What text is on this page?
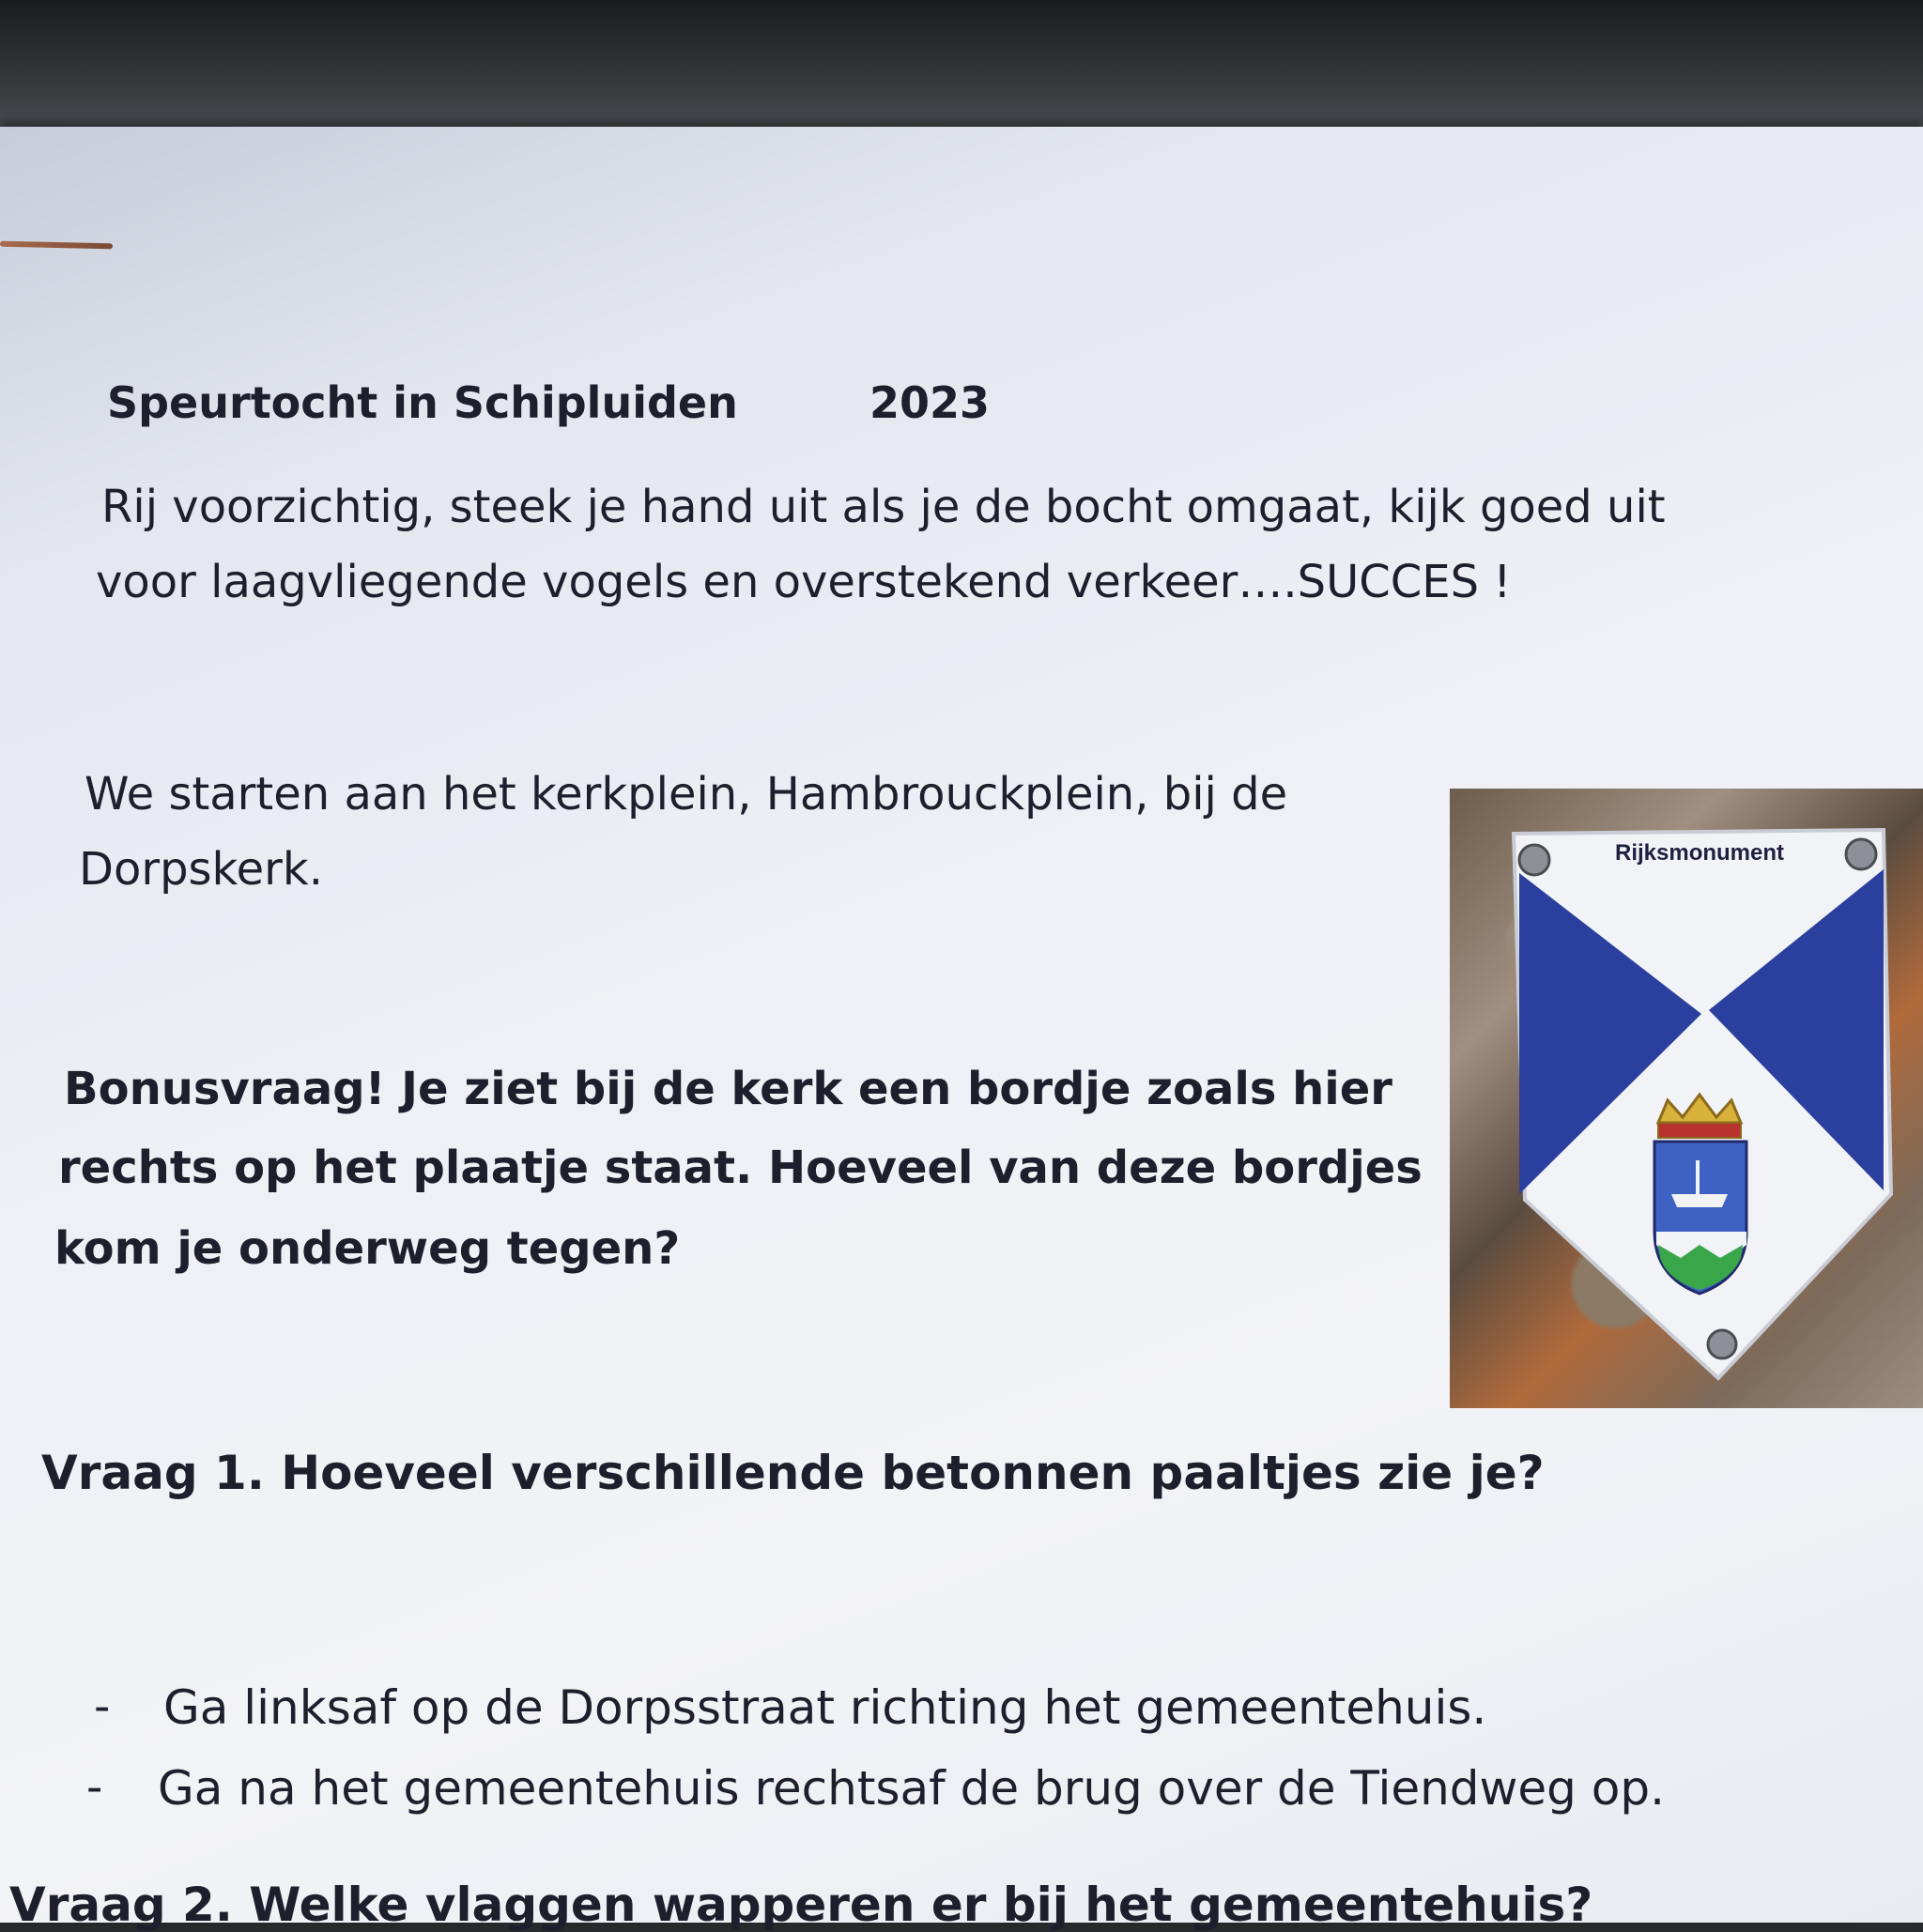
Speurtocht in Schipluiden	2023
Rij voorzichtig, steek je hand uit als je de bocht omgaat, kijk goed uit
voor laagvliegende vogels en overstekend verkeer….SUCCES !
We starten aan het kerkplein, Hambrouckplein, bij de
Dorpskerk.
Bonusvraag! Je ziet bij de kerk een bordje zoals hier
rechts op het plaatje staat. Hoeveel van deze bordjes
kom je onderweg tegen?
Rijksmonument
Vraag 1. Hoeveel verschillende betonnen paaltjes zie je?
- Ga linksaf op de Dorpsstraat richting het gemeentehuis.
- Ga na het gemeentehuis rechtsaf de brug over de Tiendweg op.
Vraag 2. Welke vlaggen wapperen er bij het gemeentehuis?
